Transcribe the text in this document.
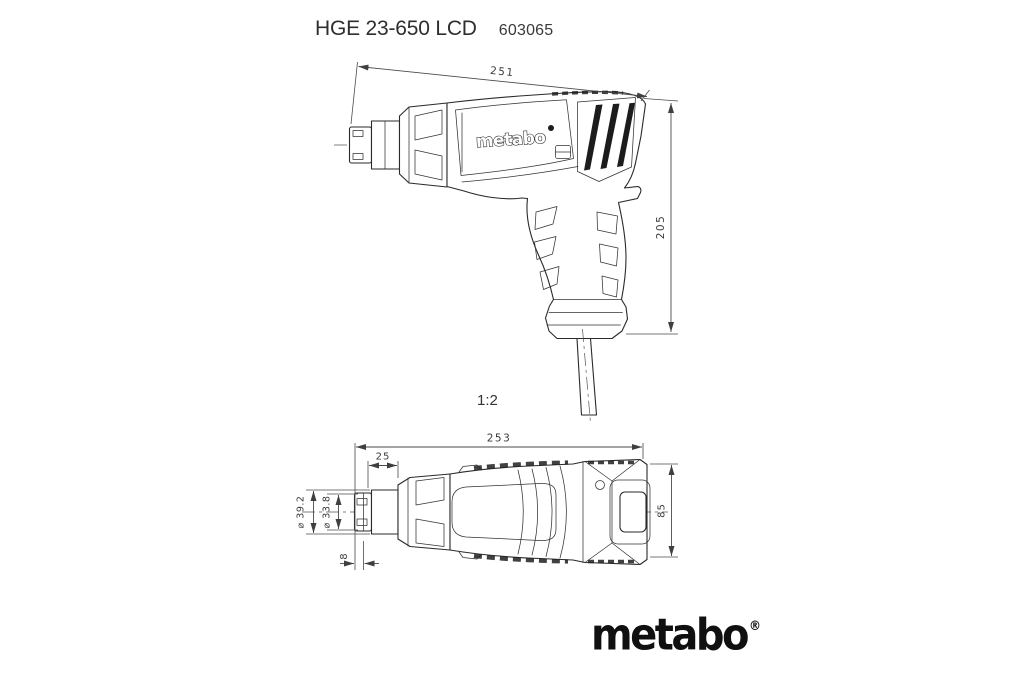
HGE 23-650 LCD 603065
1:2
metabo
251
205
253
25
8
⌀ 39.2 ⌀ 33.8	85
metabo ®
